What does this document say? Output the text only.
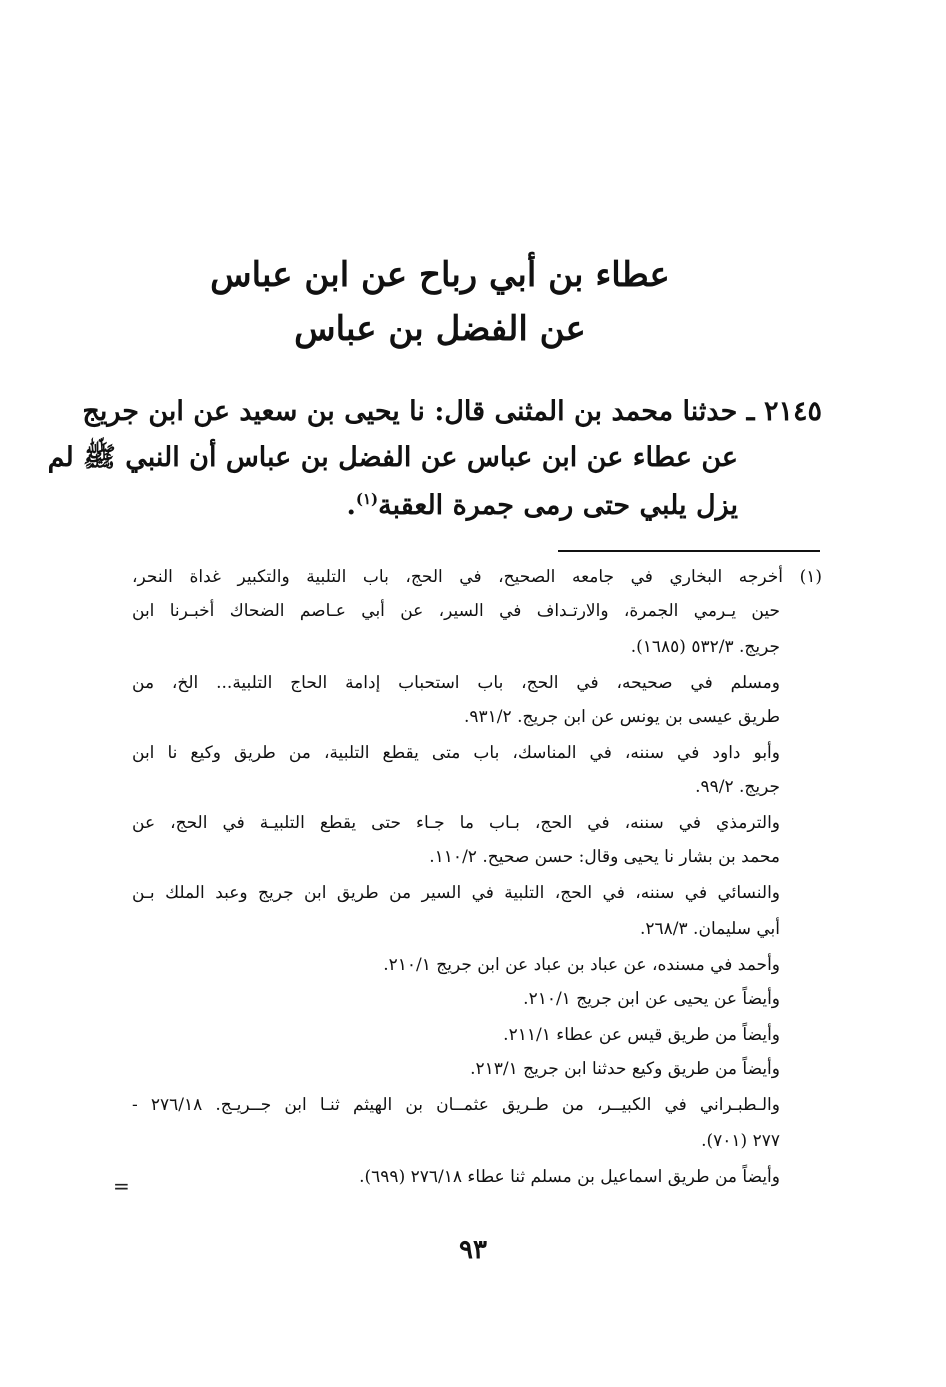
عطاء بن أبي رباح عن ابن عباس
عن الفضل بن عباس
٢١٤٥ ـ حدثنا محمد بن المثنى قال: نا يحيى بن سعيد عن ابن جريج
عن عطاء عن ابن عباس عن الفضل بن عباس أن النبي ﷺ لم
يزل يلبي حتى رمى جمرة العقبة$^{(١)}$.
(١) أخرجه البخاري في جامعه الصحيح، في الحج، باب التلبية والتكبير غداة النحر،
حين يـرمي الجمرة، والارتـداف في السير، عن أبي عـاصم الضحاك أخبـرنا ابن
جريج. ٥٣٢/٣ (١٦٨٥).
ومسلم في صحيحه، في الحج، باب استحباب إدامة الحاج التلبية... الخ، من
طريق عيسى بن يونس عن ابن جريج. ٩٣١/٢.
وأبو داود في سننه، في المناسك، باب متى يقطع التلبية، من طريق وكيع نا ابن
جريج. ٩٩/٢.
والترمذي في سننه، في الحج، بـاب ما جـاء حتى يقطع التلبيـة في الحج، عن
محمد بن بشار نا يحيى وقال: حسن صحيح. ١١٠/٢.
والنسائي في سننه، في الحج، التلبية في السير من طريق ابن جريج وعبد الملك بـن
أبي سليمان. ٢٦٨/٣.
وأحمد في مسنده، عن عباد بن عباد عن ابن جريج ٢١٠/١.
وأيضاً عن يحيى عن ابن جريج ٢١٠/١.
وأيضاً من طريق قيس عن عطاء ٢١١/١.
وأيضاً من طريق وكيع حدثنا ابن جريج ٢١٣/١.
والـطبـراني في الكبيــر، من طـريق عثمــان بن الهيثم ثنـا ابن جــريـج. ٢٧٦/١٨ -
٢٧٧ (٧٠١).
وأيضاً من طريق اسماعيل بن مسلم ثنا عطاء ٢٧٦/١٨ (٦٩٩).
=
٩٣
